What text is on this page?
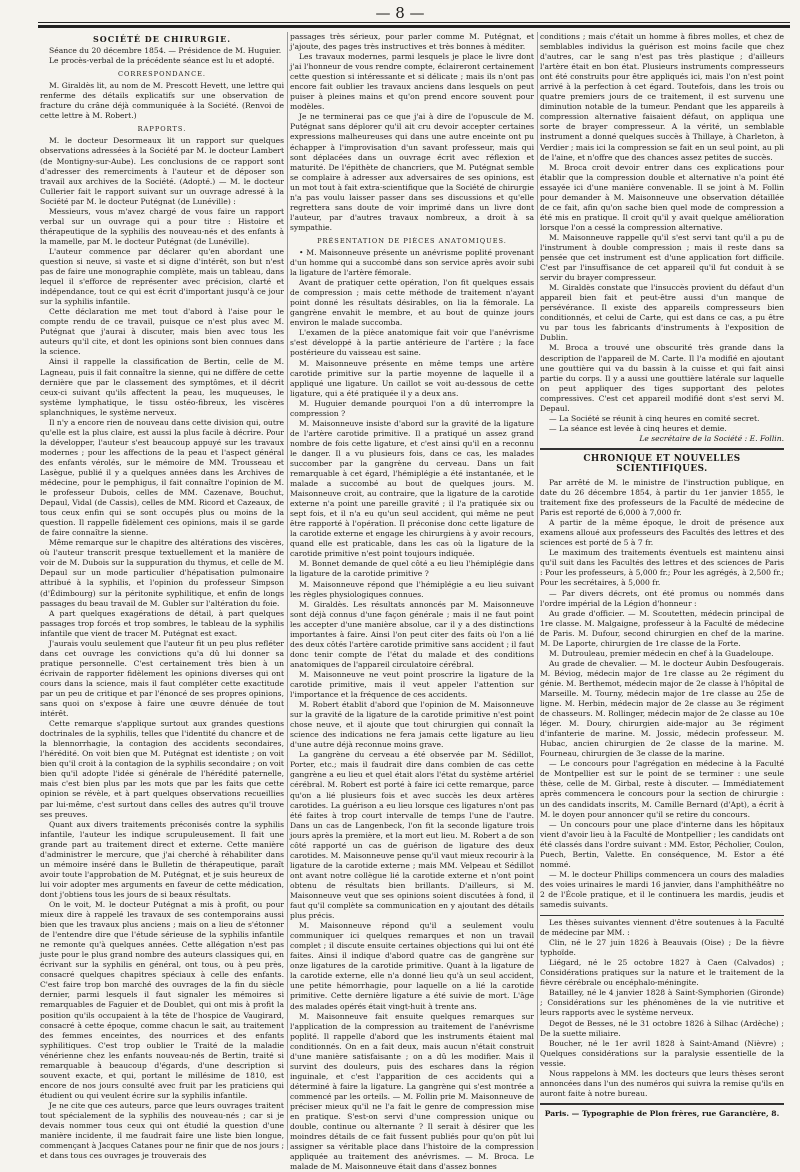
— 8 —
SOCIÉTÉ DE CHIRURGIE.

Séance du 20 décembre 1854. — Présidence de M. Huguier.

Le procès-verbal de la précédente séance est lu et adopté.

CORRESPONDANCE.

M. Giraldès lit, au nom de M. Prescott Hevett, une lettre qui renferme des détails explicatifs sur une observation de fracture du crâne déjà communiquée à la Société. (Renvoi de cette lettre à M. Robert.)

RAPPORTS.

M. le docteur Desormeaux lit un rapport sur quelques observations adressées à la Société par M. le docteur Lambert (de Montigny-sur-Aube). Les conclusions de ce rapport sont d'adresser des remerciments à l'auteur et de déposer son travail aux archives de la Société. (Adopté.) — M. le docteur Cullerier fait le rapport suivant sur un ouvrage adressé à la Société par M. le docteur Putégnat (de Lunéville) :

Messieurs, vous m'avez chargé de vous faire un rapport verbal sur un ouvrage qui a pour titre : Histoire et thérapeutique de la syphilis des nouveau-nés et des enfants à la mamelle, par M. le docteur Putégnat (de Lunéville).

L'auteur commence par déclarer qu'en abordant une question si neuve, si vaste et si digne d'intérêt, son but n'est pas de faire une monographie complète, mais un tableau, dans lequel il s'efforce de représenter avec précision, clarté et indépendance, tout ce qui est écrit d'important jusqu'à ce jour sur la syphilis infantile.

Cette déclaration me met tout d'abord à l'aise pour le compte rendu de ce travail, puisque ce n'est plus avec M. Putégnat que j'aurai à discuter, mais bien avec tous les auteurs qu'il cite, et dont les opinions sont bien connues dans la science.

Ainsi il rappelle la classification de Bertin, celle de M. Lagneau, puis il fait connaître la sienne, qui ne diffère de cette dernière que par le classement des symptômes, et il décrit ceux-ci suivant qu'ils affectent la peau, les muqueuses, le système lymphatique, le tissu ostéo-fibreux, les viscères splanchniques, le système nerveux.

Il n'y a encore rien de nouveau dans cette division qui, outre qu'elle est la plus claire, est aussi la plus facile à décrire. Pour la développer, l'auteur s'est beaucoup appuyé sur les travaux modernes ; pour les affections de la peau et l'aspect général des enfants vérolés, sur le mémoire de MM. Trousseau et Lasègue, publié il y a quelques années dans les Archives de médecine, pour le pemphigus, il fait connaître l'opinion de M. le professeur Dubois, celles de MM. Cazenave, Bouchut, Depaul, Vidal (de Cassis), celles de MM. Ricord et Cazeaux, de tous ceux enfin qui se sont occupés plus ou moins de la question. Il rappelle fidèlement ces opinions, mais il se garde de faire connaître la sienne.

Même remarque sur le chapitre des altérations des viscères, où l'auteur transcrit presque textuellement et la manière de voir de M. Dubois sur la suppuration du thymus, et celle de M. Depaul sur un mode particulier d'hépatisation pulmonaire attribué à la syphilis, et l'opinion du professeur Simpson (d'Édimbourg) sur la péritonite syphilitique, et enfin de longs passages du beau travail de M. Gubler sur l'altération du foie.

A part quelques exagérations de détail, à part quelques passages trop forcés et trop sombres, le tableau de la syphilis infantile que vient de tracer M. Putégnat est exact.

J'aurais voulu seulement que l'auteur fit un peu plus refléter dans cet ouvrage les convictions qu'a dû lui donner sa pratique personnelle. C'est certainement très bien à un écrivain de rapporter fidèlement les opinions diverses qui ont cours dans la science, mais il faut compléter cette exactitude par un peu de critique et par l'énoncé de ses propres opinions, sans quoi on s'expose à faire une œuvre dénuée de tout intérêt.

Cette remarque s'applique surtout aux grandes questions doctrinales de la syphilis, telles que l'identité du chancre et de la blennorrhagie, la contagion des accidents secondaires, l'hérédité. On voit bien que M. Putégnat est identiste ; on voit bien qu'il croit à la contagion de la syphilis secondaire ; on voit bien qu'il adopte l'idée si générale de l'hérédité paternelle, mais c'est bien plus par les mots que par les faits que cette opinion se révèle, et à part quelques observations recueillies par lui-même, c'est surtout dans celles des autres qu'il trouve ses preuves.

Quant aux divers traitements préconisés contre la syphilis infantile, l'auteur les indique scrupuleusement. Il fait une grande part au traitement direct et externe. Cette manière d'administrer le mercure, que j'ai cherché à réhabiliter dans un mémoire inséré dans le Bulletin de thérapeutique, paraît avoir toute l'approbation de M. Putégnat, et je suis heureux de lui voir adopter mes arguments en faveur de cette médication, dont j'obtiens tous les jours de si beaux résultats.

On le voit, M. le docteur Putégnat a mis à profit, ou pour mieux dire à rappelé les travaux de ses contemporains aussi bien que les travaux plus anciens ; mais on a lieu de s'étonner de l'entendre dire que l'étude sérieuse de la syphilis infantile ne remonte qu'à quelques années. Cette allégation n'est pas juste pour le plus grand nombre des auteurs classiques qui, en écrivant sur la syphilis en général, ont tous, ou à peu près, consacré quelques chapitres spéciaux à celle des enfants. C'est faire trop bon marché des ouvrages de la fin du siècle dernier, parmi lesquels il faut signaler les mémoires si remarquables de Faguier et de Doublet, qui ont mis à profit la position qu'ils occupaient à la tête de l'hospice de Vaugirard, consacré à cette époque, comme chacun le sait, au traitement des femmes enceintes, des nourrices et des enfants syphilitiques. C'est trop oublier le Traité de la maladie vénérienne chez les enfants nouveau-nés de Bertin, traité si remarquable à beaucoup d'égards, d'une description si souvent exacte, et qui, portant le millésime de 1810, est encore de nos jours consulté avec fruit par les praticiens qui étudient ou qui veulent écrire sur la syphilis infantile.

Je ne cite que ces auteurs, parce que leurs ouvrages traitent tout spécialement de la syphilis des nouveau-nés ; car si je devais nommer tous ceux qui ont étudié la question d'une manière incidente, il me faudrait faire une liste bien longue, commençant à Jacques Catanes pour ne finir que de nos jours ; et dans tous ces ouvrages je trouverais des

passages très sérieux, pour parler comme M. Putégnat, et j'ajoute, des pages très instructives et très bonnes à méditer.

Les travaux modernes, parmi lesquels je place le livre dont j'ai l'honneur de vous rendre compte, éclaireront certainement cette question si intéressante et si délicate ; mais ils n'ont pas encore fait oublier les travaux anciens dans lesquels on peut puiser à pleines mains et qu'on prend encore souvent pour modèles.

Je ne terminerai pas ce que j'ai à dire de l'opuscule de M. Putégnat sans déplorer qu'il ait cru devoir accepter certaines expressions malheureuses qui dans une autre enceinte ont pu échapper à l'improvisation d'un savant professeur, mais qui sont déplacées dans un ouvrage écrit avec réflexion et maturité. De l'épithète de chancriers, que M. Putégnat semble se complaire à adresser aux adversaires de ses opinions, est un mot tout à fait extra-scientifique que la Société de chirurgie n'a pas voulu laisser passer dans ses discussions et qu'elle regrettera sans doute de voir imprimé dans un livre dont l'auteur, par d'autres travaux nombreux, a droit à sa sympathie.

PRÉSENTATION DE PIÈCES ANATOMIQUES.

• M. Maisonneuve présente un anévrisme poplité provenant d'un homme qui a succombé dans son service après avoir subi la ligature de l'artère fémorale.

Avant de pratiquer cette opération, l'on fit quelques essais de compression ; mais cette méthode de traitement n'ayant point donné les résultats désirables, on lia la fémorale. La gangrène envahit le membre, et au bout de quinze jours environ le malade succomba.

L'examen de la pièce anatomique fait voir que l'anévrisme s'est développé à la partie antérieure de l'artère ; la face postérieure du vaisseau est saine.

M. Maisonneuve présente en même temps une artère carotide primitive sur la partie moyenne de laquelle il a appliqué une ligature. Un caillot se voit au-dessous de cette ligature, qui a été pratiquée il y a deux ans.

M. Huguier demande pourquoi l'on a dû interrompre la compression ?

M. Maisonneuve insiste d'abord sur la gravité de la ligature de l'artère carotide primitive. Il a pratiqué un assez grand nombre de fois cette ligature, et c'est ainsi qu'il en a reconnu le danger. Il a vu plusieurs fois, dans ce cas, les malades succomber par la gangrène du cerveau. Dans un fait remarquable à cet égard, l'hémiplégie a été instantanée, et le malade a succombé au bout de quelques jours. M. Maisonneuve croit, au contraire, que la ligature de la carotide externe n'a point une pareille gravité ; il l'a pratiquée six ou sept fois, et il n'a eu qu'un seul accident, qui même ne peut être rapporté à l'opération. Il préconise donc cette ligature de la carotide externe et engage les chirurgiens à y avoir recours, quand elle est praticable, dans les cas où la ligature de la carotide primitive n'est point toujours indiquée.

M. Bonnet demande de quel côté a eu lieu l'hémiplégie dans la ligature de la carotide primitive ?

M. Maisonneuve répond que l'hémiplégie a eu lieu suivant les règles physiologiques connues.

M. Giraldès. Les résultats annoncés par M. Maisonneuve sont déjà connus d'une façon générale ; mais il ne faut point les accepter d'une manière absolue, car il y a des distinctions importantes à faire. Ainsi l'on peut citer des faits où l'on a lié des deux côtés l'artère carotide primitive sans accident ; il faut donc tenir compte de l'état du malade et des conditions anatomiques de l'appareil circulatoire cérébral.

M. Maisonneuve ne veut point proscrire la ligature de la carotide primitive, mais il veut appeler l'attention sur l'importance et la fréquence de ces accidents.

M. Robert établit d'abord que l'opinion de M. Maisonneuve sur la gravité de la ligature de la carotide primitive n'est point chose neuve, et il ajoute que tout chirurgien qui connaît la science des indications ne fera jamais cette ligature au lieu d'une autre déjà reconnue moins grave.

La gangrène du cerveau a été observée par M. Sédillot, Porter, etc.; mais il faudrait dire dans combien de cas cette gangrène a eu lieu et quel était alors l'état du système artériel cérébral. M. Robert est porté à faire ici cette remarque, parce qu'on a lié plusieurs fois et avec succès les deux artères carotides. La guérison a eu lieu lorsque ces ligatures n'ont pas été faites à trop court intervalle de temps l'une de l'autre. Dans un cas de Langenbeck, l'on fit la seconde ligature trois jours après la première, et la mort eut lieu. M. Robert a de son côté rapporté un cas de guérison de ligature des deux carotides. M. Maisonneuve pense qu'il vaut mieux recourir à la ligature de la carotide externe ; mais MM. Velpeau et Sédillot ont avant notre collègue lié la carotide externe et n'ont point obtenu de résultats bien brillants. D'ailleurs, si M. Maisonneuve veut que ses opinions soient discutées à fond, il faut qu'il complète sa communication en y ajoutant des détails plus précis.

M. Maisonneuve répond qu'il a seulement voulu communiquer ici quelques remarques et non un travail complet ; il discute ensuite certaines objections qui lui ont été faites. Ainsi il indique d'abord quatre cas de gangrène sur onze ligatures de la carotide primitive. Quant à la ligature de la carotide externe, elle n'a donné lieu qu'à un seul accident, une petite hémorrhagie, pour laquelle on a lié la carotide primitive. Cette dernière ligature a été suivie de mort. L'âge des malades opérés était vingt-huit à trente ans.

M. Maisonneuve fait ensuite quelques remarques sur l'application de la compression au traitement de l'anévrisme poplité. Il rappelle d'abord que les instruments étaient mal conditionnés. On en a fait deux, mais aucun n'était construit d'une manière satisfaisante ; on a dû les modifier. Mais il survint des douleurs, puis des eschares dans la région inguinale, et c'est l'apparition de ces accidents qui a déterminé à faire la ligature. La gangrène qui s'est montrée a commencé par les orteils. — M. Follin prie M. Maisonneuve de préciser mieux qu'il ne l'a fait le genre de compression mise en pratique. S'est-on servi d'une compression unique ou double, continue ou alternante ? Il serait à désirer que les moindres détails de ce fait fussent publiés pour qu'on pût lui assigner sa véritable place dans l'histoire de la compression appliquée au traitement des anévrismes. — M. Broca. Le malade de M. Maisonneuve était dans d'assez bonnes

conditions ; mais c'était un homme à fibres molles, et chez de semblables individus la guérison est moins facile que chez d'autres, car le sang n'est pas très plastique ; d'ailleurs l'artère était en bon état. Plusieurs instruments compresseurs ont été construits pour être appliqués ici, mais l'on n'est point arrivé à la perfection à cet égard. Toutefois, dans les trois ou quatre premiers jours de ce traitement, il est survenu une diminution notable de la tumeur. Pendant que les appareils à compression alternative faisaient défaut, on appliqua une sorte de brayer compresseur. A la vérité, un semblable instrument a donné quelques succès à Thillaye, à Charleton, à Verdier ; mais ici la compression se fait en un seul point, au pli de l'aine, et n'offre que des chances assez petites de succès.

M. Broca croit devoir entrer dans ces explications pour établir que la compression double et alternative n'a point été essayée ici d'une manière convenable. Il se joint à M. Follin pour demander à M. Maisonneuve une observation détaillée de ce fait, afin qu'on sache bien quel mode de compression a été mis en pratique. Il croit qu'il y avait quelque amélioration lorsque l'on a cessé la compression alternative.

M. Maisonneuve rappelle qu'il s'est servi tant qu'il a pu de l'instrument à double compression ; mais il reste dans sa pensée que cet instrument est d'une application fort difficile. C'est par l'insuffisance de cet appareil qu'il fut conduit à se servir du brayer compresseur.

M. Giraldès constate que l'insuccès provient du défaut d'un appareil bien fait et peut-être aussi d'un manque de persévérance. Il existe des appareils compresseurs bien conditionnés, et celui de Carte, qui est dans ce cas, a pu être vu par tous les fabricants d'instruments à l'exposition de Dublin.

M. Broca a trouvé une obscurité très grande dans la description de l'appareil de M. Carte. Il l'a modifié en ajoutant une gouttière qui va du bassin à la cuisse et qui fait ainsi partie du corps. Il y a aussi une gouttière latérale sur laquelle on peut appliquer des tiges supportant des pelotes compressives. C'est cet appareil modifié dont s'est servi M. Depaul.

— La Société se réunit à cinq heures en comité secret.

— La séance est levée à cinq heures et demie.

Le secrétaire de la Société : E. Follin.
CHRONIQUE ET NOUVELLES SCIENTIFIQUES.

Par arrêté de M. le ministre de l'instruction publique, en date du 26 décembre 1854, à partir du 1er janvier 1855, le traitement fixe des professeurs de la Faculté de médecine de Paris est reporté de 6,000 à 7,000 fr.

A partir de la même époque, le droit de présence aux examens alloué aux professeurs des Facultés des lettres et des sciences est porté de 5 à 7 fr.

Le maximum des traitements éventuels est maintenu ainsi qu'il suit dans les Facultés des lettres et des sciences de Paris : Pour les professeurs, à 5,000 fr.; Pour les agrégés, à 2,500 fr.; Pour les secrétaires, à 5,000 fr.

— Par divers décrets, ont été promus ou nommés dans l'ordre impérial de la Légion d'honneur :

Au grade d'officier. — M. Scoutetten, médecin principal de 1re classe. M. Malgaigne, professeur à la Faculté de médecine de Paris. M. Dufour, second chirurgien en chef de la marine. M. De Laporte, chirurgien de 1re classe de la Forte.

M. Dutrouleau, premier médecin en chef à la Guadeloupe.

Au grade de chevalier. — M. le docteur Aubin Desfougerais. M. Béviog, médecin major de 1re classe au 2e régiment du génie. M. Berthemot, médecin major de 2e classe à l'hôpital de Marseille. M. Tourny, médecin major de 1re classe au 25e de ligne. M. Herbin, médecin major de 2e classe au 3e régiment de chasseurs. M. Rollinger, médecin major de 2e classe au 10e léger. M. Doury, chirurgien aide-major au 3e régiment d'infanterie de marine. M. Jossic, médecin professeur. M. Hubac, ancien chirurgien de 2e classe de la marine. M. Fourneau, chirurgien de 3e classe de la marine.

— Le concours pour l'agrégation en médecine à la Faculté de Montpellier est sur le point de se terminer : une seule thèse, celle de M. Girbal, reste à discuter. — Immédiatement après commencera le concours pour la section de chirurgie : un des candidats inscrits, M. Camille Bernard (d'Apt), a écrit à M. le doyen pour annoncer qu'il se retire du concours.

— Un concours pour une place d'interne dans les hôpitaux vient d'avoir lieu à la Faculté de Montpellier ; les candidats ont été classés dans l'ordre suivant : MM. Estor, Pécholier, Coulon, Puech, Bertin, Valette. En conséquence, M. Estor a été nommé.

— M. le docteur Phillips commencera un cours des maladies des voies urinaires le mardi 16 janvier, dans l'amphithéâtre no 2 de l'École pratique, et il le continuera les mardis, jeudis et samedis suivants.

Les thèses suivantes viennent d'être soutenues à la Faculté de médecine par MM. :

Clin, né le 27 juin 1826 à Beauvais (Oise) ; De la fièvre typhoïde.

Liégard, né le 25 octobre 1827 à Caen (Calvados) ; Considérations pratiques sur la nature et le traitement de la fièvre cérébrale ou encéphalo-méningite.

Batailley, né le 4 janvier 1828 à Saint-Symphorien (Gironde) ; Considérations sur les phénomènes de la vie nutritive et leurs rapports avec le système nerveux.

Degot de Besses, né le 31 octobre 1826 à Silhac (Ardèche) ; De la suette miliaire.

Boucher, né le 1er avril 1828 à Saint-Amand (Nièvre) ; Quelques considérations sur la paralysie essentielle de la vessie.

Nous rappelons à MM. les docteurs que leurs thèses seront annoncées dans l'un des numéros qui suivra la remise qu'ils en auront faite à notre bureau.

Paris. — Typographie de Plon frères, rue Garancière, 8.
